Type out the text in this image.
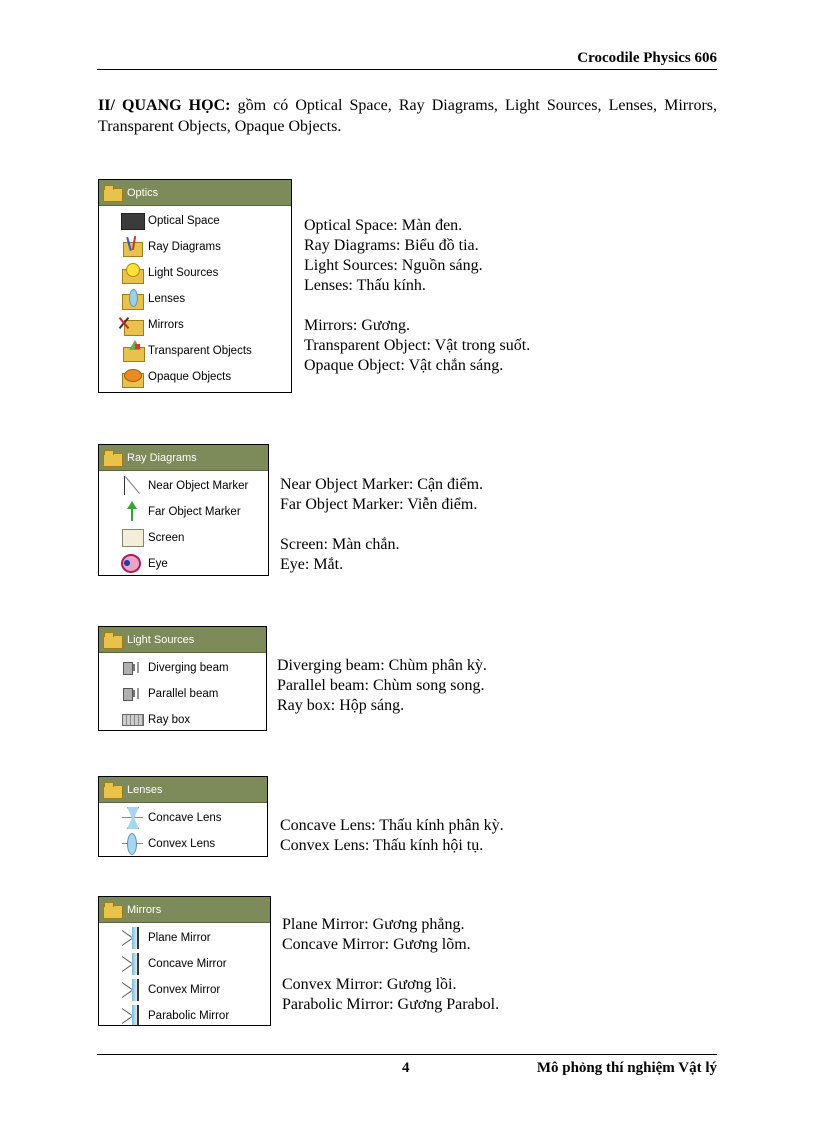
Crocodile Physics 606
II/ QUANG HỌC: gồm có Optical Space, Ray Diagrams, Light Sources, Lenses, Mirrors, Transparent Objects, Opaque Objects.
Optics
Optical Space
Ray Diagrams
Light Sources
Lenses
Mirrors
Transparent Objects
Opaque Objects
Optical Space: Màn đen.
Ray Diagrams: Biểu đồ tia.
Light Sources: Nguồn sáng.
Lenses: Thấu kính.
Mirrors: Gương.
Transparent Object: Vật trong suốt.
Opaque Object: Vật chắn sáng.
Ray Diagrams
Near Object Marker
Far Object Marker
Screen
Eye
Near Object Marker: Cận điểm.
Far Object Marker: Viễn điểm.
Screen: Màn chắn.
Eye: Mắt.
Light Sources
Diverging beam
Parallel beam
Ray box
Diverging beam: Chùm phân kỳ.
Parallel beam: Chùm song song.
Ray box: Hộp sáng.
Lenses
Concave Lens
Convex Lens
Concave Lens: Thấu kính phân kỳ.
Convex Lens: Thấu kính hội tụ.
Mirrors
Plane Mirror
Concave Mirror
Convex Mirror
Parabolic Mirror
Plane Mirror: Gương phẳng.
Concave Mirror: Gương lõm.
Convex Mirror: Gương lồi.
Parabolic Mirror: Gương Parabol.
4	Mô phỏng thí nghiệm Vật lý
